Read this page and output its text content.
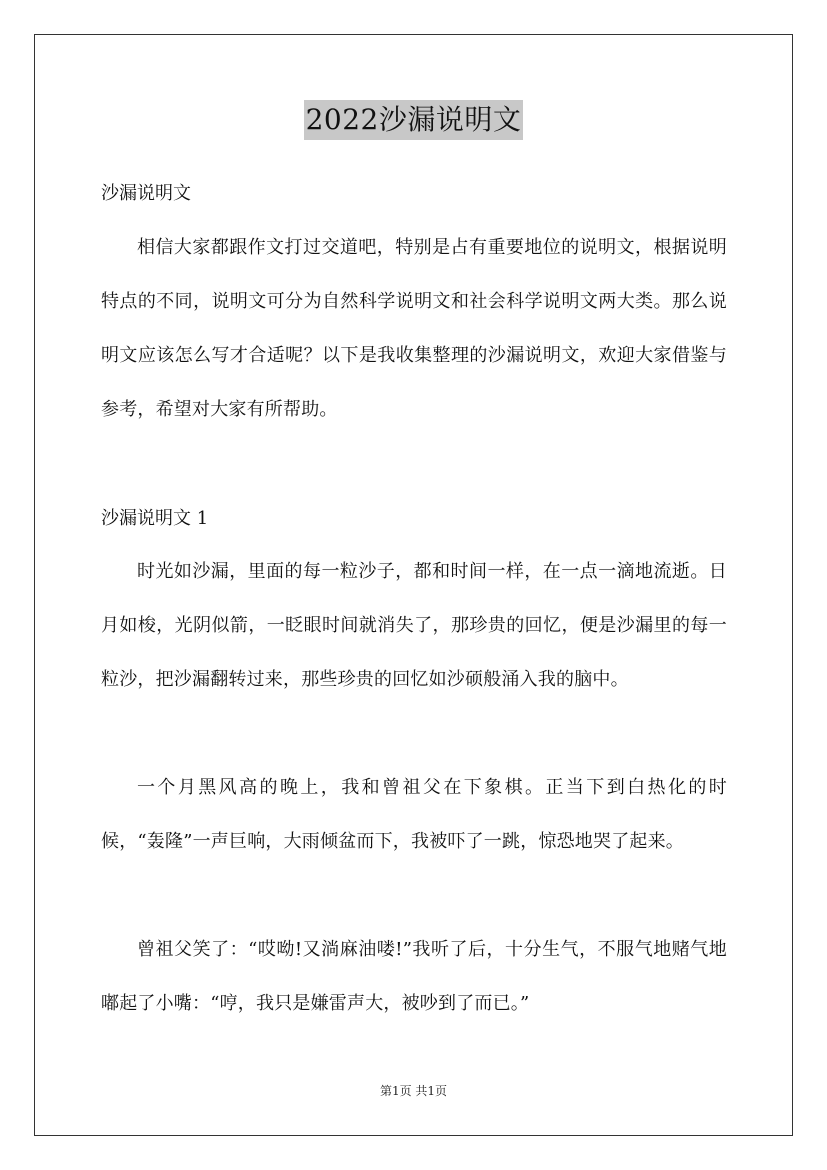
2022沙漏说明文
沙漏说明文
相信大家都跟作文打过交道吧，特别是占有重要地位的说明文，根据说明特点的不同，说明文可分为自然科学说明文和社会科学说明文两大类。那么说明文应该怎么写才合适呢？以下是我收集整理的沙漏说明文，欢迎大家借鉴与参考，希望对大家有所帮助。
沙漏说明文 1
时光如沙漏，里面的每一粒沙子，都和时间一样，在一点一滴地流逝。日月如梭，光阴似箭，一眨眼时间就消失了，那珍贵的回忆，便是沙漏里的每一粒沙，把沙漏翻转过来，那些珍贵的回忆如沙硕般涌入我的脑中。
一个月黑风高的晚上，我和曾祖父在下象棋。正当下到白热化的时候，“轰隆”一声巨响，大雨倾盆而下，我被吓了一跳，惊恐地哭了起来。
曾祖父笑了：“哎呦!又淌麻油喽!”我听了后，十分生气，不服气地赌气地嘟起了小嘴：“哼，我只是嫌雷声大，被吵到了而已。”
第1页 共1页
